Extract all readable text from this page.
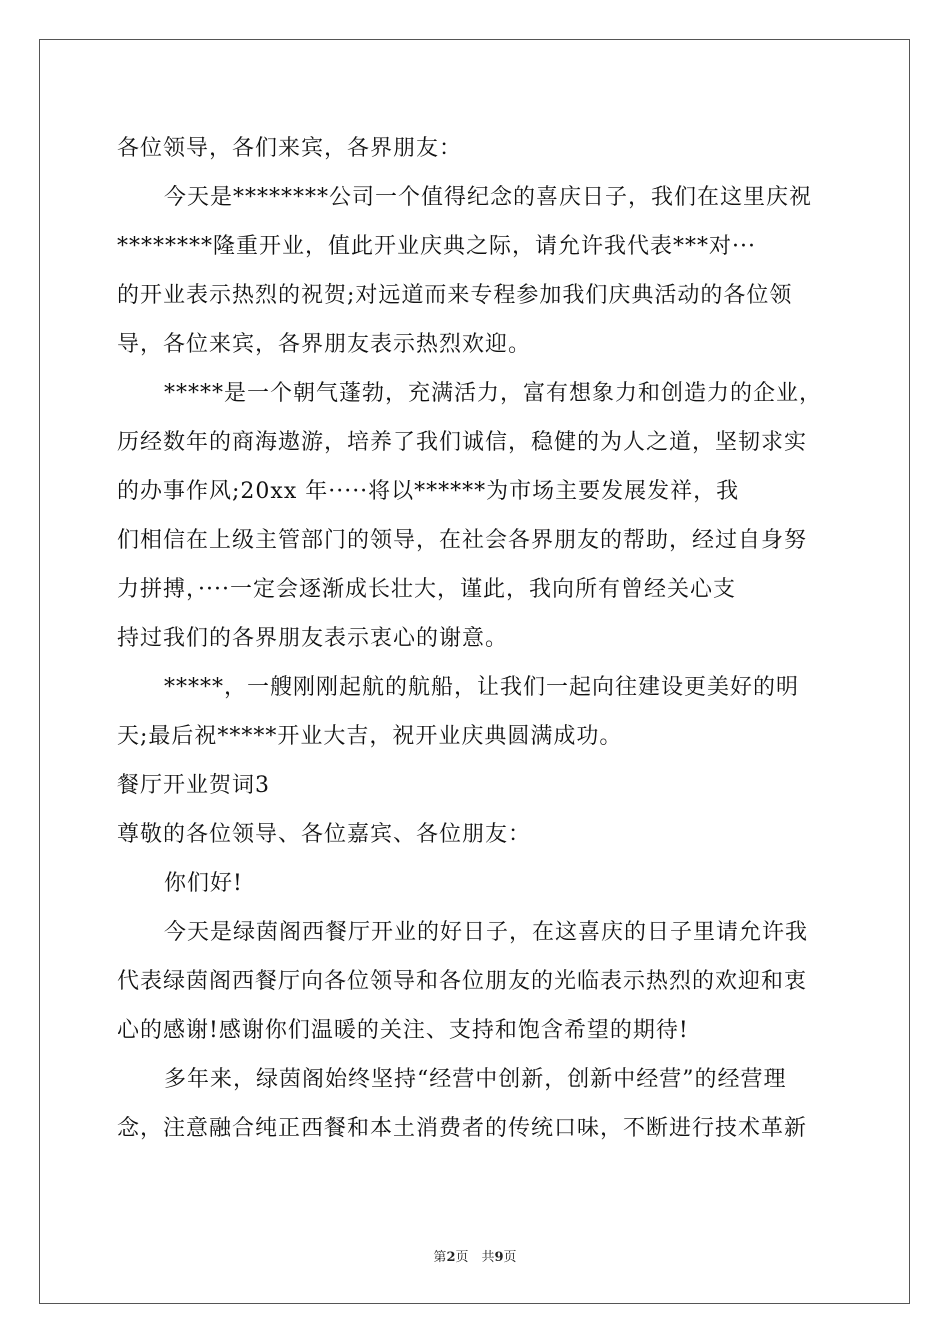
各位领导，各们来宾，各界朋友：
今天是********公司一个值得纪念的喜庆日子，我们在这里庆祝
********隆重开业，值此开业庆典之际，请允许我代表***对···
的开业表示热烈的祝贺;对远道而来专程参加我们庆典活动的各位领
导，各位来宾，各界朋友表示热烈欢迎。
*****是一个朝气蓬勃，充满活力，富有想象力和创造力的企业，
历经数年的商海遨游，培养了我们诚信，稳健的为人之道，坚韧求实
的办事作风;20xx 年·····将以******为市场主要发展发祥，我
们相信在上级主管部门的领导，在社会各界朋友的帮助，经过自身努
力拼搏，····一定会逐渐成长壮大，谨此，我向所有曾经关心支
持过我们的各界朋友表示衷心的谢意。
*****，一艘刚刚起航的航船，让我们一起向往建设更美好的明
天;最后祝*****开业大吉，祝开业庆典圆满成功。
餐厅开业贺词3
尊敬的各位领导、各位嘉宾、各位朋友：
你们好!
今天是绿茵阁西餐厅开业的好日子，在这喜庆的日子里请允许我
代表绿茵阁西餐厅向各位领导和各位朋友的光临表示热烈的欢迎和衷
心的感谢!感谢你们温暖的关注、支持和饱含希望的期待!
多年来，绿茵阁始终坚持“经营中创新，创新中经营”的经营理
念，注意融合纯正西餐和本土消费者的传统口味，不断进行技术革新
第2页　共9页
